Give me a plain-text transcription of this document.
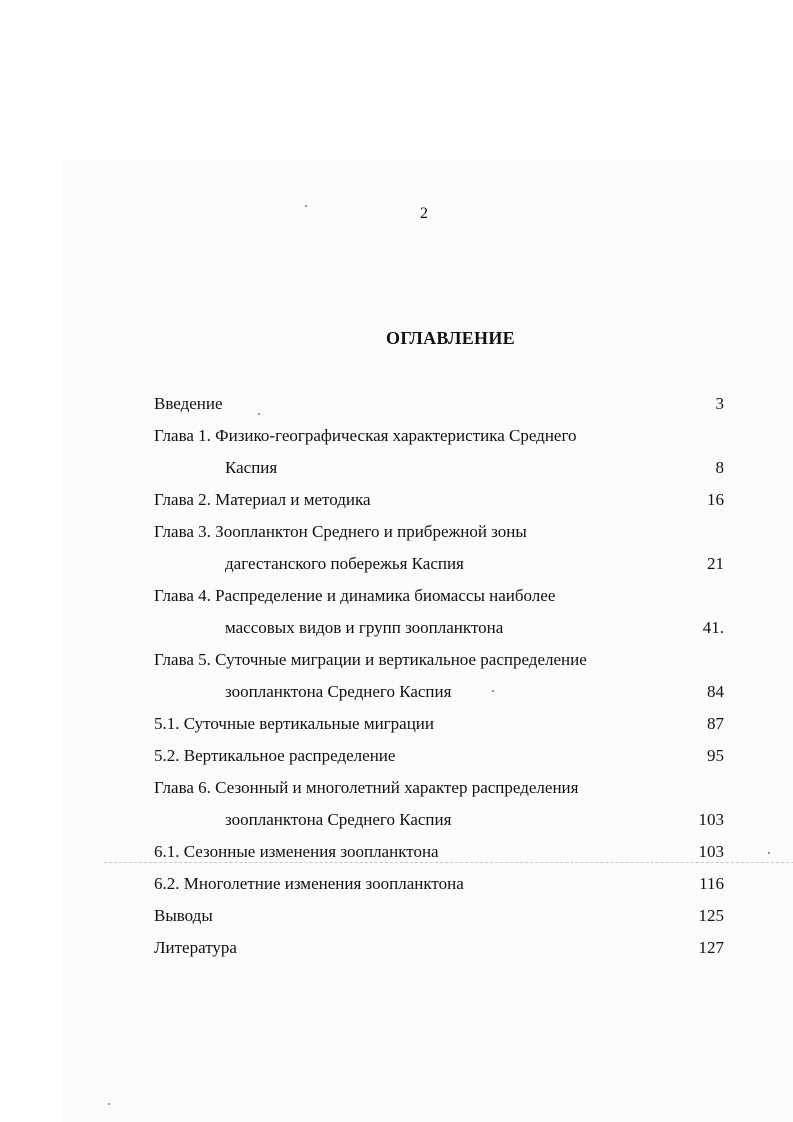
2
ОГЛАВЛЕНИЕ
Введение	3
Глава 1. Физико-географическая характеристика Среднего
Каспия	8
Глава 2. Материал и методика	16
Глава 3. Зоопланктон Среднего и прибрежной зоны
дагестанского побережья Каспия	21
Глава 4. Распределение и динамика биомассы наиболее
массовых видов и групп зоопланктона	41.
Глава 5. Суточные миграции и вертикальное распределение
зоопланктона Среднего Каспия	84
5.1. Суточные вертикальные миграции	87
5.2. Вертикальное распределение	95
Глава 6. Сезонный и многолетний характер распределения
зоопланктона Среднего Каспия	103
6.1. Сезонные изменения зоопланктона	103
6.2. Многолетние изменения зоопланктона	116
Выводы	125
Литература	127
